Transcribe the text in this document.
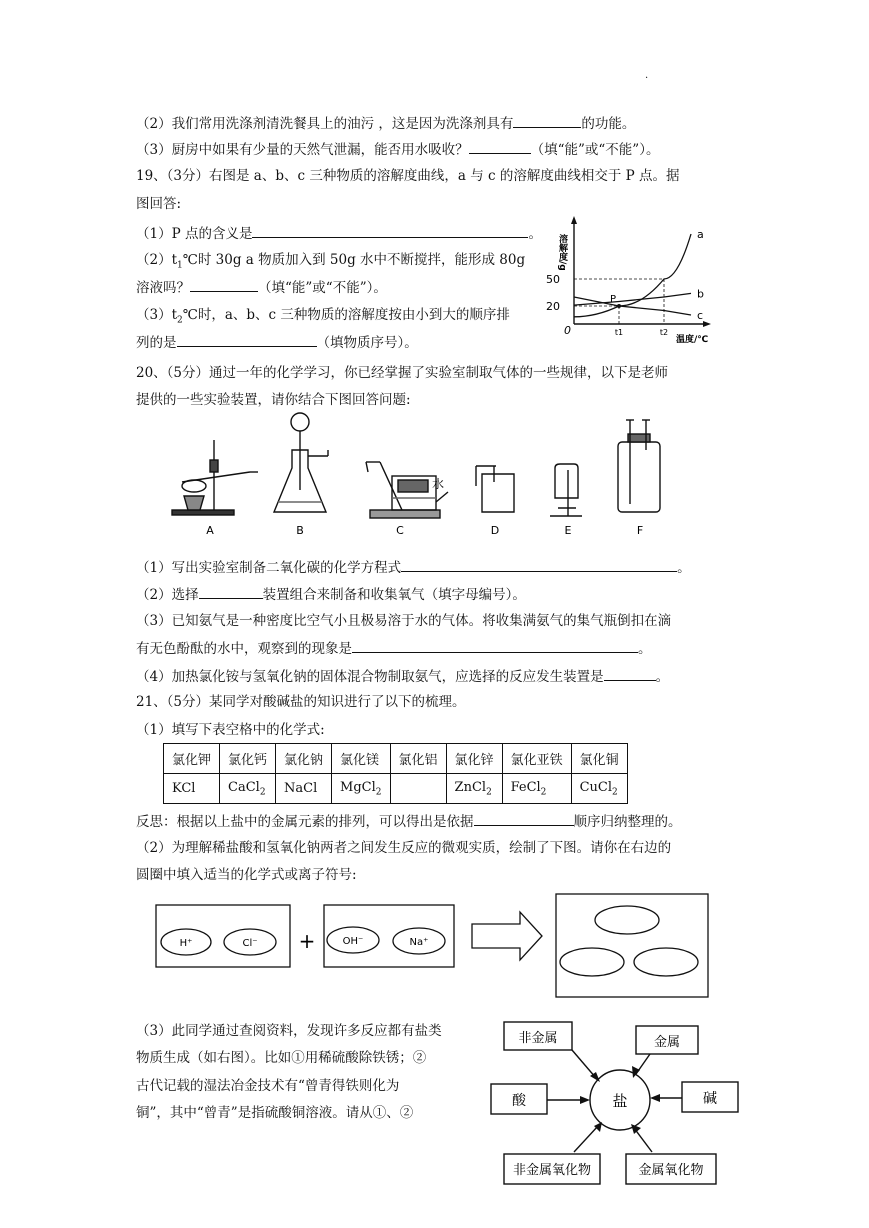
.
（2）我们常用洗涤剂清洗餐具上的油污 ，这是因为洗涤剂具有	的功能。
（3）厨房中如果有少量的天然气泄漏，能否用水吸收？	（填“能”或“不能”）。
19、（3分）右图是 a、b、c 三种物质的溶解度曲线，a 与 c 的溶解度曲线相交于 P 点。据
图回答:
（1）P 点的含义是	。
$(2)t_1℃$时 30g a 物质加入到 50g 水中不断搅拌，能形成 80g
溶液吗？	（填“能”或“不能”）。
$(3)t_2℃$时，a、b、c 三种物质的溶解度按由小到大的顺序排
列的是	（填物质序号）。
溶解度/g	a
b
c
P
50
20
t1	t2
0
温度/℃
20、（5分）通过一年的化学学习，你已经掌握了实验室制取气体的一些规律，以下是老师
提供的一些实验装置，请你结合下图回答问题:
水
A	B	C	D	E	F
（1）写出实验室制备二氧化碳的化学方程式	。
（2）选择	装置组合来制备和收集氧气（填字母编号）。
（3）已知氨气是一种密度比空气小且极易溶于水的气体。将收集满氨气的集气瓶倒扣在滴
有无色酚酞的水中，观察到的现象是	。
（4）加热氯化铵与氢氧化钠的固体混合物制取氨气，应选择的反应发生装置是	。
21、（5分）某同学对酸碱盐的知识进行了以下的梳理。
（1）填写下表空格中的化学式:
氯化钾	氯化钙	氯化钠	氯化镁	氯化铝	氯化锌	氯化亚铁	氯化铜
KCl	CaCl$_2$	NaCl	MgCl$_2$		ZnCl$_2$	FeCl$_2$	CuCl$_2$
反思：根据以上盐中的金属元素的排列，可以得出是依据	顺序归纳整理的。
（2）为理解稀盐酸和氢氧化钠两者之间发生反应的微观实质，绘制了下图。请你在右边的
圆圈中填入适当的化学式或离子符号:
H⁺	Cl⁻ +	OH⁻	Na⁺
（3）此同学通过查阅资料，发现许多反应都有盐类
物质生成（如右图）。比如①用稀硫酸除铁锈；②
古代记载的湿法冶金技术有“曾青得铁则化为
铜”，其中“曾青”是指硫酸铜溶液。请从①、②
盐
非金属	金属
酸	碱
非金属氧化物	金属氧化物
